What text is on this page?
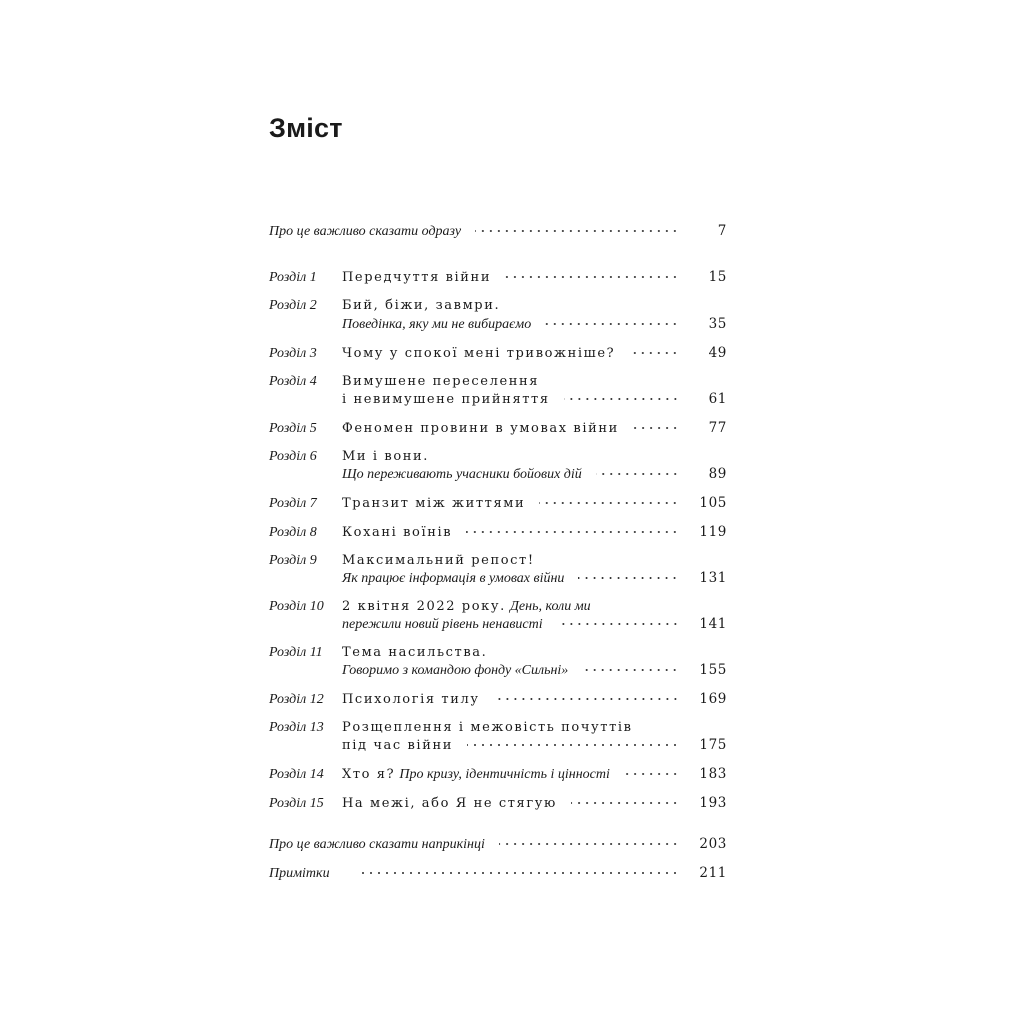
Зміст
Про це важливо сказати одразу	7
Розділ 1	Передчуття війни	15
Розділ 2	Бий, біжи, завмри.
Поведінка, яку ми не вибираємо	35
Розділ 3	Чому у спокої мені тривожніше?	49
Розділ 4	Вимушене переселення
і невимушене прийняття	61
Розділ 5	Феномен провини в умовах війни	77
Розділ 6	Ми і вони.
Що переживають учасники бойових дій	89
Розділ 7	Транзит між життями	105
Розділ 8	Кохані воїнів	119
Розділ 9	Максимальний репост!
Як працює інформація в умовах війни	131
Розділ 10	2 квітня 2022 року. День, коли ми
пережили новий рівень ненависті	141
Розділ 11	Тема насильства.
Говоримо з командою фонду «Сильні»	155
Розділ 12	Психологія тилу	169
Розділ 13	Розщеплення і межовість почуттів
під час війни	175
Розділ 14	Хто я? Про кризу, ідентичність і цінності	183
Розділ 15	На межі, або Я не стягую	193
Про це важливо сказати наприкінці	203
Примітки	211
